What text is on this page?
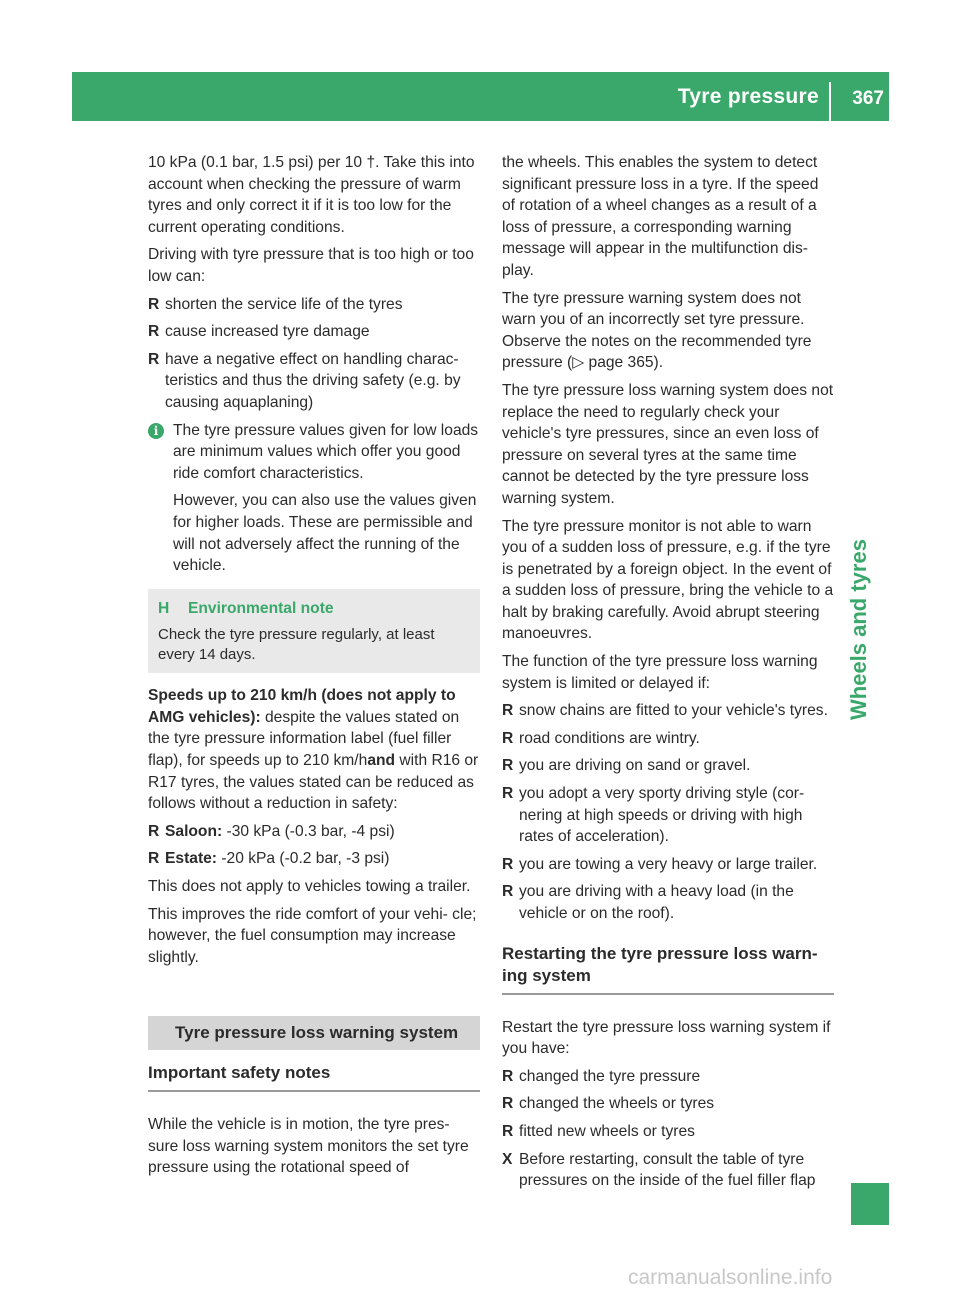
Tyre pressure 367
Wheels and tyres

10 kPa (0.1 bar, 1.5 psi) per 10 †. Take this into account when checking the pressure of warm tyres and only correct it if it is too low for the current operating conditions.

Driving with tyre pressure that is too high or too low can:

R shorten the service life of the tyres
R cause increased tyre damage
R have a negative effect on handling charac- teristics and thus the driving safety (e.g. by causing aquaplaning)
i The tyre pressure values given for low loads are minimum values which offer you good ride comfort characteristics.

However, you can also use the values given for higher loads. These are permissible and will not adversely affect the running of the vehicle.

H Environmental note

Check the tyre pressure regularly, at least every 14 days.

Speeds up to 210 km/h (does not apply to AMG vehicles): despite the values stated on the tyre pressure information label (fuel filler flap), for speeds up to 210 km/hand with R16 or R17 tyres, the values stated can be reduced as follows without a reduction in safety:

R Saloon: -30 kPa (-0.3 bar, -4 psi)
R Estate: -20 kPa (-0.2 bar, -3 psi)

This does not apply to vehicles towing a trailer.

This improves the ride comfort of your vehi- cle; however, the fuel consumption may increase slightly.

Tyre pressure loss warning system
Important safety notes

While the vehicle is in motion, the tyre pres- sure loss warning system monitors the set tyre pressure using the rotational speed of

the wheels. This enables the system to detect significant pressure loss in a tyre. If the speed of rotation of a wheel changes as a result of a loss of pressure, a corresponding warning message will appear in the multifunction dis- play.

The tyre pressure warning system does not warn you of an incorrectly set tyre pressure. Observe the notes on the recommended tyre pressure (▷ page 365).

The tyre pressure loss warning system does not replace the need to regularly check your vehicle's tyre pressures, since an even loss of pressure on several tyres at the same time cannot be detected by the tyre pressure loss warning system.

The tyre pressure monitor is not able to warn you of a sudden loss of pressure, e.g. if the tyre is penetrated by a foreign object. In the event of a sudden loss of pressure, bring the vehicle to a halt by braking carefully. Avoid abrupt steering manoeuvres.

The function of the tyre pressure loss warning system is limited or delayed if:

R snow chains are fitted to your vehicle's tyres.
R road conditions are wintry.
R you are driving on sand or gravel.
R you adopt a very sporty driving style (cor- nering at high speeds or driving with high rates of acceleration).
R you are towing a very heavy or large trailer.
R you are driving with a heavy load (in the vehicle or on the roof).
Restarting the tyre pressure loss warn- ing system

Restart the tyre pressure loss warning system if you have:

R changed the tyre pressure
R changed the wheels or tyres
R fitted new wheels or tyres
X Before restarting, consult the table of tyre pressures on the inside of the fuel filler flap
carmanualsonline.info
